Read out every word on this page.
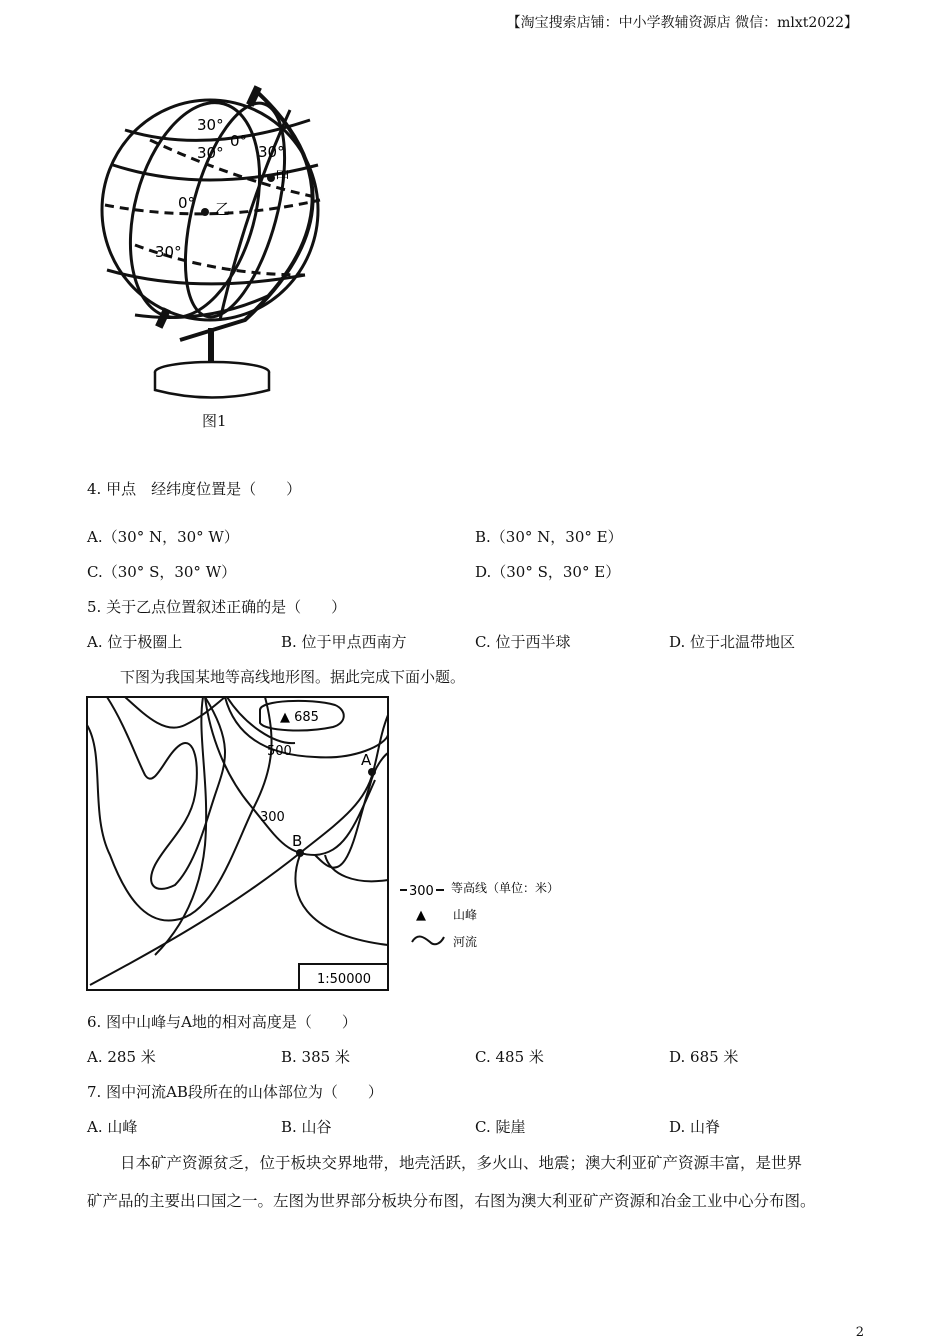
【淘宝搜索店铺：中小学教辅资源店 微信：mlxt2022】
30°
0°
30° 30°
甲
0° 乙
30°
图1
4. 甲点　经纬度位置是（　　）
A.（30° N，30° W）	B.（30° N，30° E）
C.（30° S，30° W）	D.（30° S，30° E）
5. 关于乙点位置叙述正确的是（　　）
A. 位于极圈上	B. 位于甲点西南方	C. 位于西半球	D. 位于北温带地区
下图为我国某地等高线地形图。据此完成下面小题。
▲ 685
500
300
A
B
1:50000
300 等高线（单位：米）
▲ 山峰
河流
6. 图中山峰与A地的相对高度是（　　）
A. 285 米	B. 385 米	C. 485 米	D. 685 米
7. 图中河流AB段所在的山体部位为（　　）
A. 山峰	B. 山谷	C. 陡崖	D. 山脊
日本矿产资源贫乏，位于板块交界地带，地壳活跃，多火山、地震；澳大利亚矿产资源丰富，是世界
矿产品的主要出口国之一。左图为世界部分板块分布图，右图为澳大利亚矿产资源和冶金工业中心分布图。
2
